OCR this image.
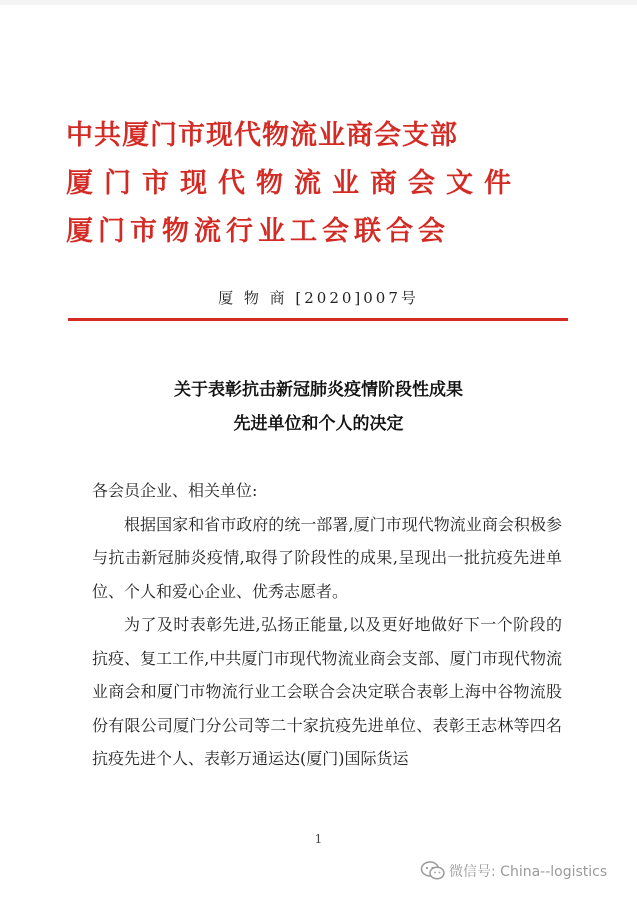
中共厦门市现代物流业商会支部
厦门市现代物流业商会文件
厦门市物流行业工会联合会
厦 物 商 [2020]007号
关于表彰抗击新冠肺炎疫情阶段性成果
先进单位和个人的决定

各会员企业、相关单位:

根据国家和省市政府的统一部署,厦门市现代物流业商会积极参与抗击新冠肺炎疫情,取得了阶段性的成果,呈现出一批抗疫先进单位、个人和爱心企业、优秀志愿者。

为了及时表彰先进,弘扬正能量,以及更好地做好下一个阶段的抗疫、复工工作,中共厦门市现代物流业商会支部、厦门市现代物流业商会和厦门市物流行业工会联合会决定联合表彰上海中谷物流股份有限公司厦门分公司等二十家抗疫先进单位、表彰王志林等四名抗疫先进个人、表彰万通运达(厦门)国际货运

1
微信号: China--logistics
